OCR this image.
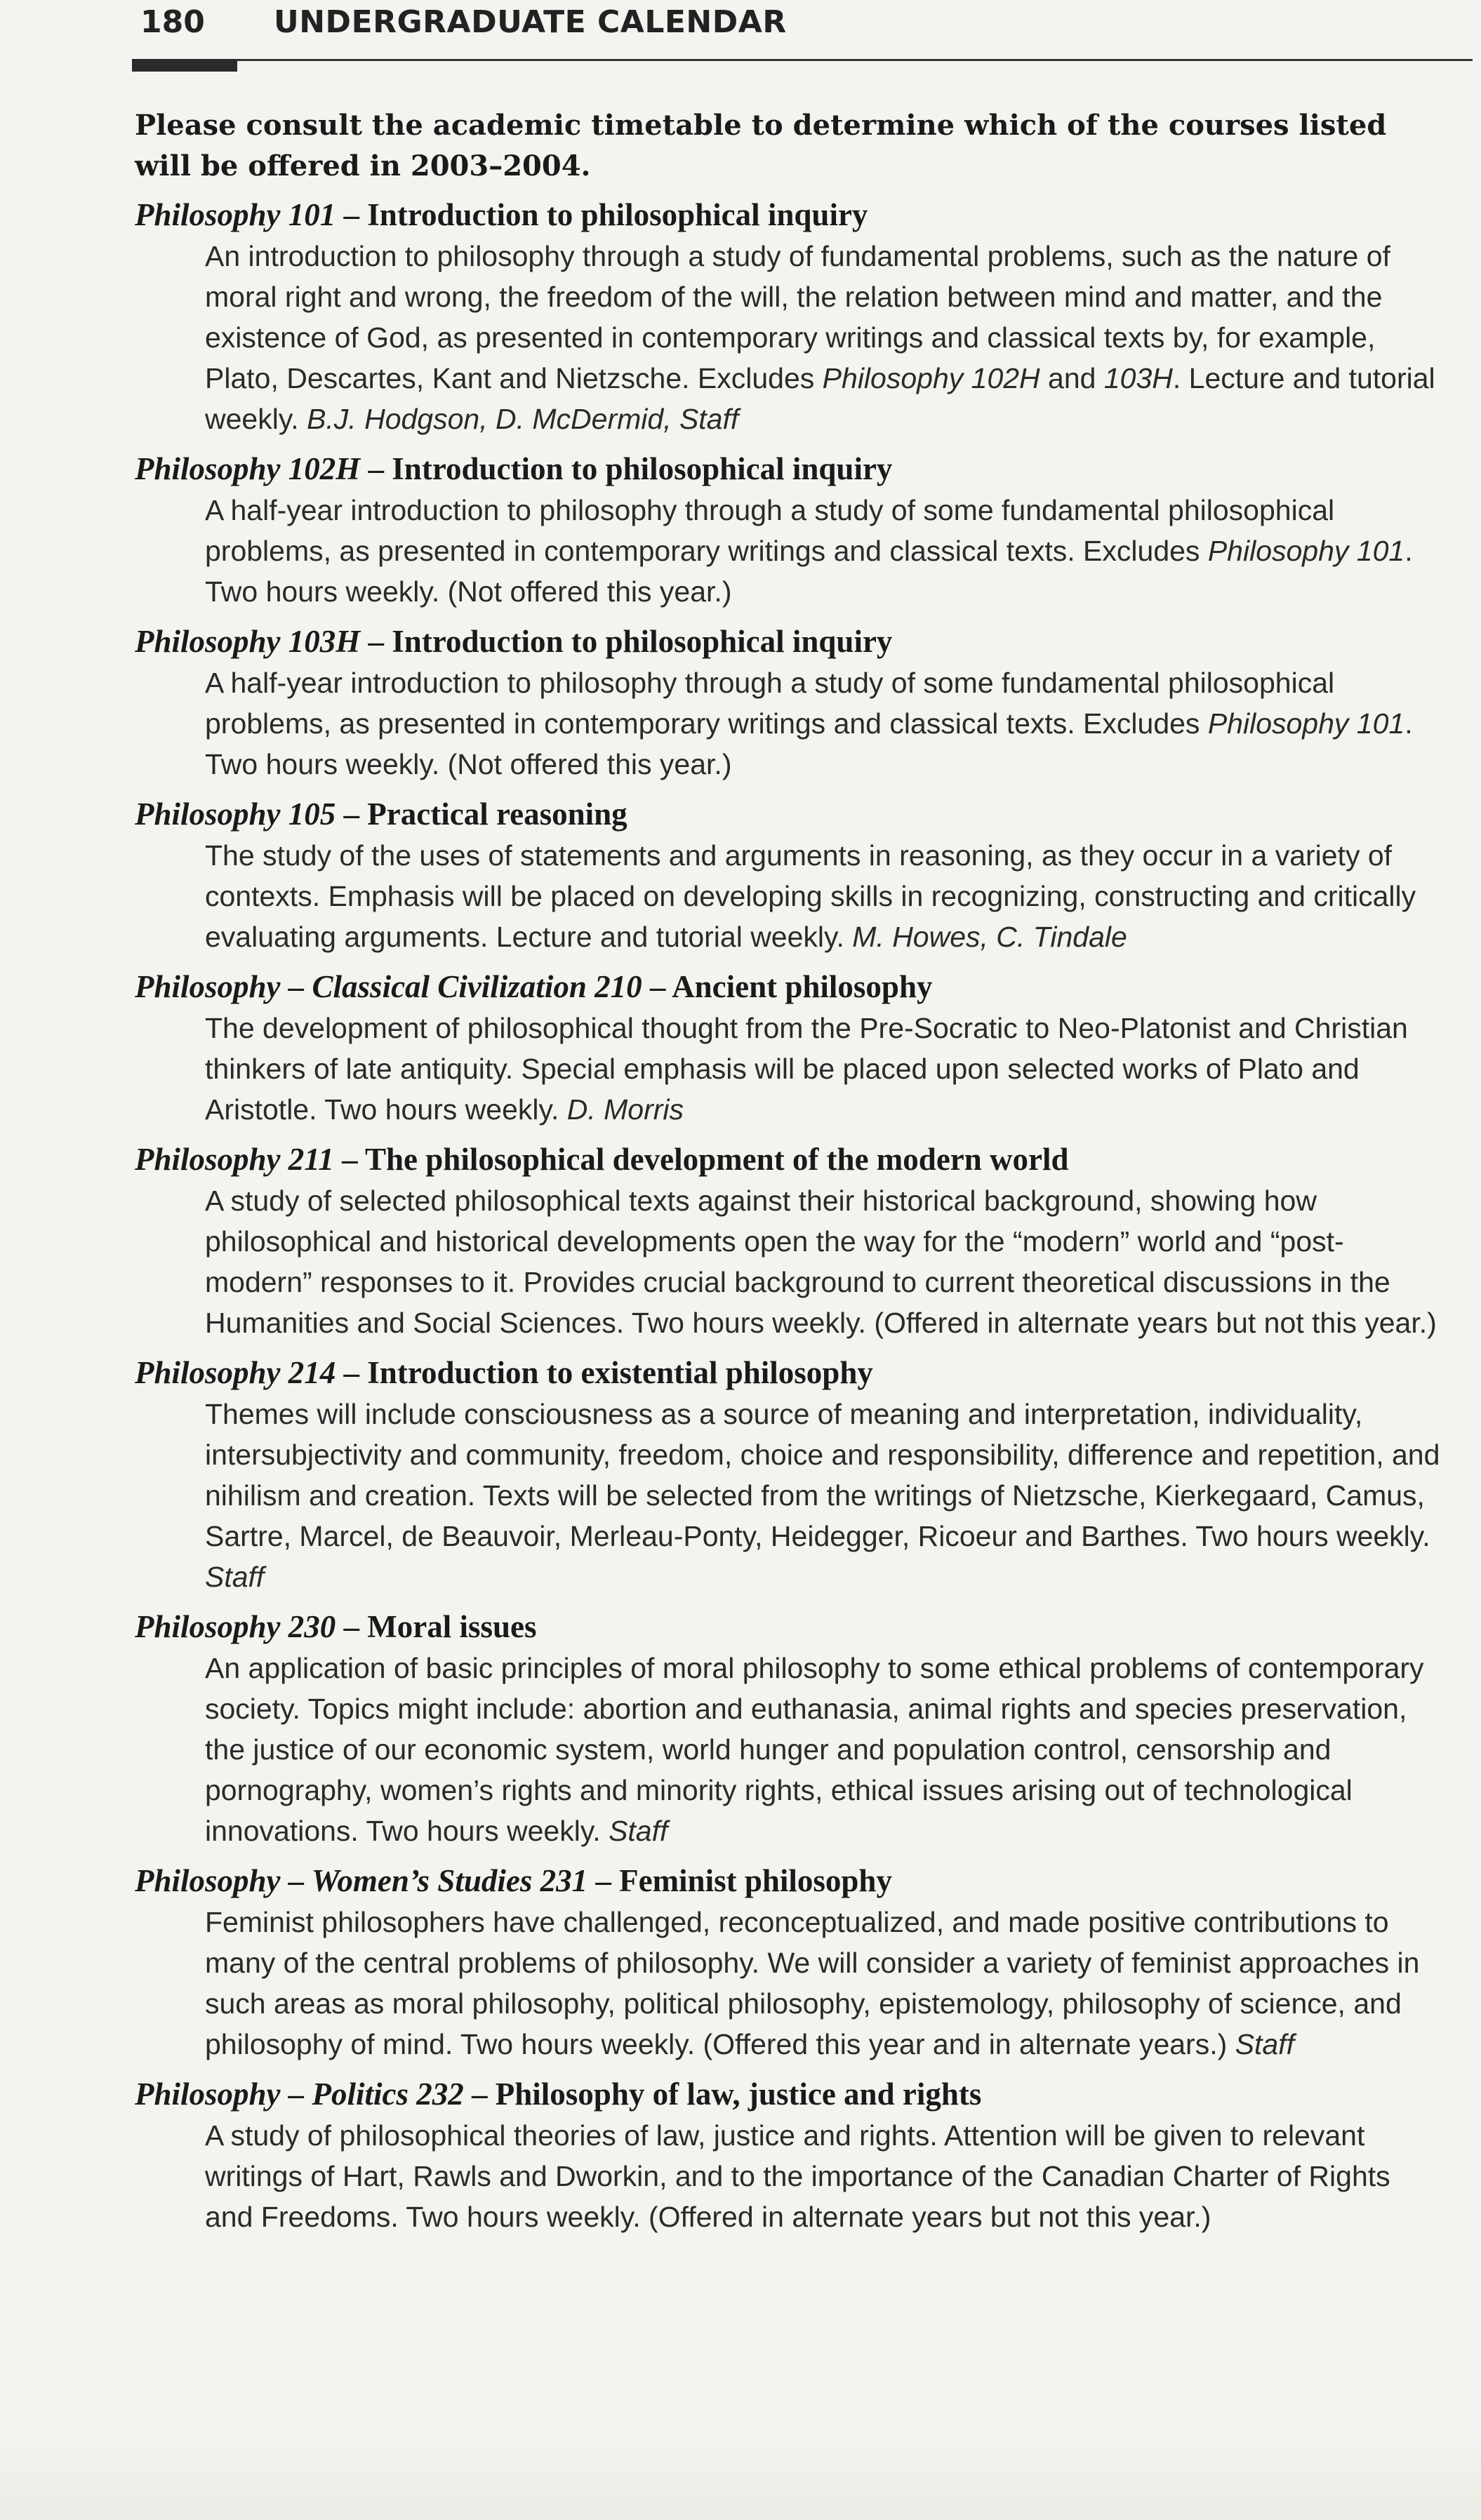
180 UNDERGRADUATE CALENDAR

Please consult the academic timetable to determine which of the courses listed will be offered in 2003–2004.

Philosophy 101 – Introduction to philosophical inquiry
An introduction to philosophy through a study of fundamental problems, such as the nature of moral right and wrong, the freedom of the will, the relation between mind and matter, and the existence of God, as presented in contemporary writings and classical texts by, for example, Plato, Descartes, Kant and Nietzsche. Excludes Philosophy 102H and 103H. Lecture and tutorial weekly. B.J. Hodgson, D. McDermid, Staff
Philosophy 102H – Introduction to philosophical inquiry
A half-year introduction to philosophy through a study of some fundamental philosophical problems, as presented in contemporary writings and classical texts. Excludes Philosophy 101. Two hours weekly. (Not offered this year.)
Philosophy 103H – Introduction to philosophical inquiry
A half-year introduction to philosophy through a study of some fundamental philosophical problems, as presented in contemporary writings and classical texts. Excludes Philosophy 101. Two hours weekly. (Not offered this year.)
Philosophy 105 – Practical reasoning
The study of the uses of statements and arguments in reasoning, as they occur in a variety of contexts. Emphasis will be placed on developing skills in recognizing, constructing and critically evaluating arguments. Lecture and tutorial weekly. M. Howes, C. Tindale
Philosophy – Classical Civilization 210 – Ancient philosophy
The development of philosophical thought from the Pre-Socratic to Neo-Platonist and Christian thinkers of late antiquity. Special emphasis will be placed upon selected works of Plato and Aristotle. Two hours weekly. D. Morris
Philosophy 211 – The philosophical development of the modern world
A study of selected philosophical texts against their historical background, showing how philosophical and historical developments open the way for the “modern” world and “post-modern” responses to it. Provides crucial background to current theoretical discussions in the Humanities and Social Sciences. Two hours weekly. (Offered in alternate years but not this year.)
Philosophy 214 – Introduction to existential philosophy
Themes will include consciousness as a source of meaning and interpretation, individuality, intersubjectivity and community, freedom, choice and responsibility, difference and repetition, and nihilism and creation. Texts will be selected from the writings of Nietzsche, Kierkegaard, Camus, Sartre, Marcel, de Beauvoir, Merleau-Ponty, Heidegger, Ricoeur and Barthes. Two hours weekly. Staff
Philosophy 230 – Moral issues
An application of basic principles of moral philosophy to some ethical problems of contemporary society. Topics might include: abortion and euthanasia, animal rights and species preservation, the justice of our economic system, world hunger and population control, censorship and pornography, women’s rights and minority rights, ethical issues arising out of technological innovations. Two hours weekly. Staff
Philosophy – Women’s Studies 231 – Feminist philosophy
Feminist philosophers have challenged, reconceptualized, and made positive contributions to many of the central problems of philosophy. We will consider a variety of feminist approaches in such areas as moral philosophy, political philosophy, epistemology, philosophy of science, and philosophy of mind. Two hours weekly. (Offered this year and in alternate years.) Staff
Philosophy – Politics 232 – Philosophy of law, justice and rights
A study of philosophical theories of law, justice and rights. Attention will be given to relevant writings of Hart, Rawls and Dworkin, and to the importance of the Canadian Charter of Rights and Freedoms. Two hours weekly. (Offered in alternate years but not this year.)
